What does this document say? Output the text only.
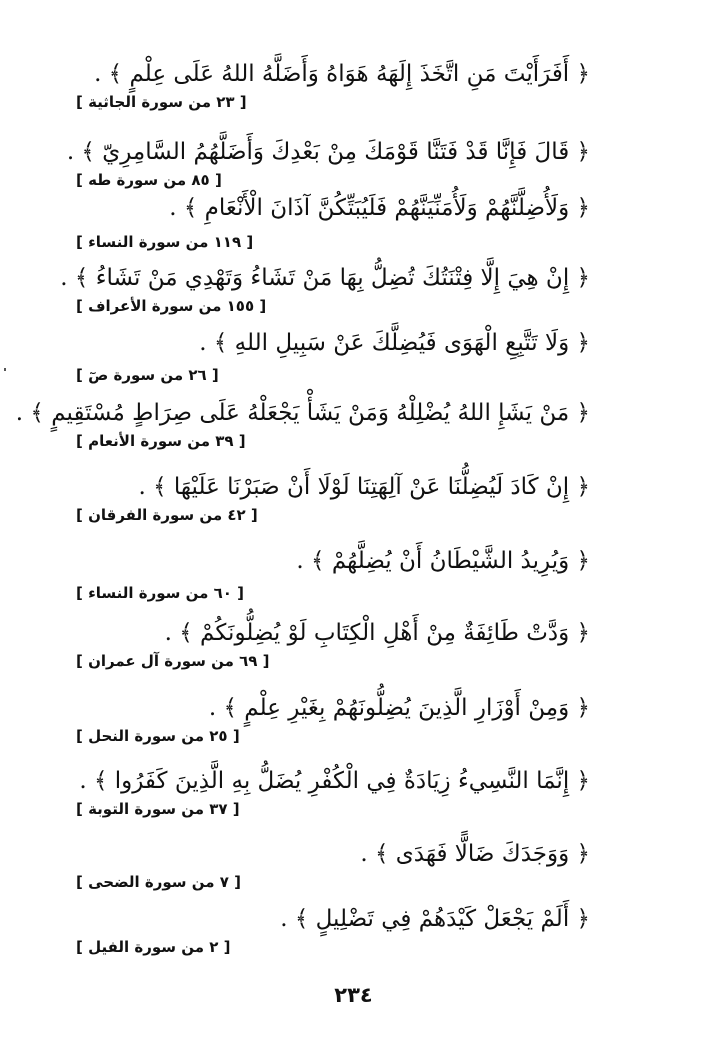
﴿ أَفَرَأَيْتَ مَنِ اتَّخَذَ إِلَهَهُ هَوَاهُ وَأَضَلَّهُ اللهُ عَلَى عِلْمٍ ﴾ .
[ ٢٣ من سورة الجاثية ]
﴿ قَالَ فَإِنَّا قَدْ فَتَنَّا قَوْمَكَ مِنْ بَعْدِكَ وَأَضَلَّهُمُ السَّامِرِيّ ﴾ .
[ ٨٥ من سورة طه ]
﴿ وَلَأُضِلَّنَّهُمْ وَلَأُمَنِّيَنَّهُمْ فَلَيُبَتِّكُنَّ آذَانَ الْأَنْعَامِ ﴾ .
[ ١١٩ من سورة النساء ]
﴿ إِنْ هِيَ إِلَّا فِتْنَتُكَ تُضِلُّ بِهَا مَنْ تَشَاءُ وَتَهْدِي مَنْ تَشَاءُ ﴾ .
[ ١٥٥ من سورة الأعراف ]
﴿ وَلَا تَتَّبِعِ الْهَوَى فَيُضِلَّكَ عَنْ سَبِيلِ اللهِ ﴾ .
[ ٢٦ من سورة صٓ ]
﴿ مَنْ يَشَإِ اللهُ يُضْلِلْهُ وَمَنْ يَشَأْ يَجْعَلْهُ عَلَى صِرَاطٍ مُسْتَقِيمٍ ﴾ .
[ ٣٩ من سورة الأنعام ]
﴿ إِنْ كَادَ لَيُضِلُّنَا عَنْ آلِهَتِنَا لَوْلَا أَنْ صَبَرْنَا عَلَيْهَا ﴾ .
[ ٤٢ من سورة الفرقان ]
﴿ وَيُرِيدُ الشَّيْطَانُ أَنْ يُضِلَّهُمْ ﴾ .
[ ٦٠ من سورة النساء ]
﴿ وَدَّتْ طَائِفَةٌ مِنْ أَهْلِ الْكِتَابِ لَوْ يُضِلُّونَكُمْ ﴾ .
[ ٦٩ من سورة آل عمران ]
﴿ وَمِنْ أَوْزَارِ الَّذِينَ يُضِلُّونَهُمْ بِغَيْرِ عِلْمٍ ﴾ .
[ ٢٥ من سورة النحل ]
﴿ إِنَّمَا النَّسِيءُ زِيَادَةٌ فِي الْكُفْرِ يُضَلُّ بِهِ الَّذِينَ كَفَرُوا ﴾ .
[ ٣٧ من سورة التوبة ]
﴿ وَوَجَدَكَ ضَالًّا فَهَدَى ﴾ .
[ ٧ من سورة الضحى ]
﴿ أَلَمْ يَجْعَلْ كَيْدَهُمْ فِي تَضْلِيلٍ ﴾ .
[ ٢ من سورة الفيل ]
٢٣٤
